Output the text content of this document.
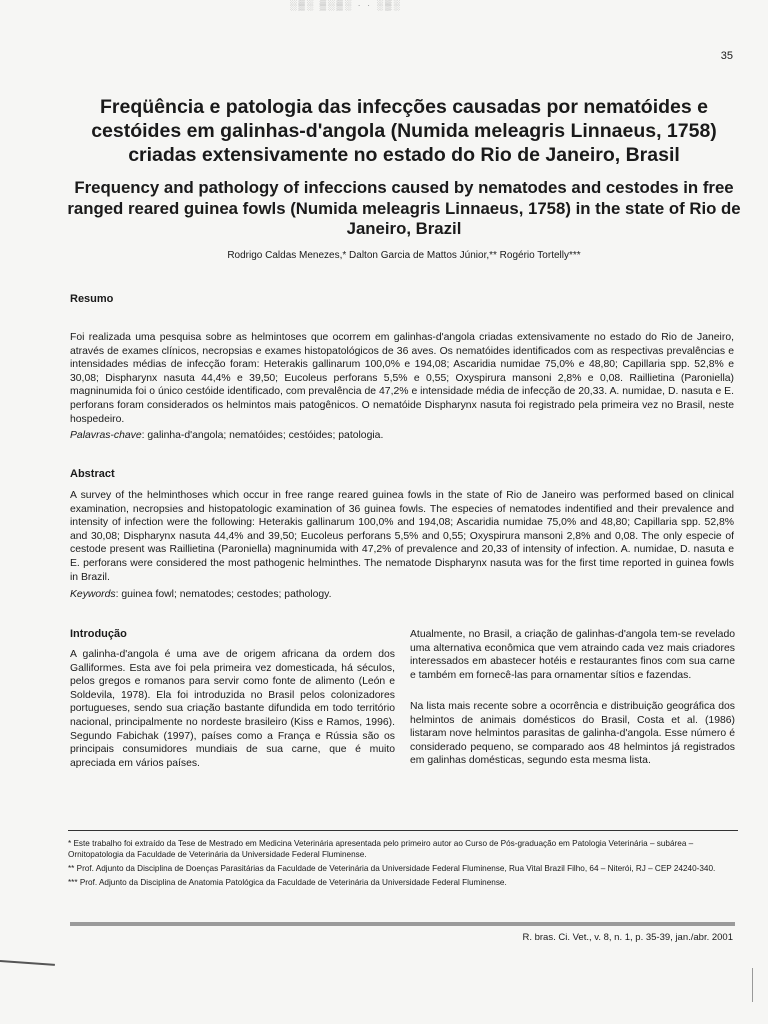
░▒░ ▒░▒░ · · ░▒░
35
Freqüência e patologia das infecções causadas por nematóides e cestóides em galinhas-d'angola (Numida meleagris Linnaeus, 1758) criadas extensivamente no estado do Rio de Janeiro, Brasil
Frequency and pathology of infeccions caused by nematodes and cestodes in free ranged reared guinea fowls (Numida meleagris Linnaeus, 1758) in the state of Rio de Janeiro, Brazil
Rodrigo Caldas Menezes,* Dalton Garcia de Mattos Júnior,** Rogério Tortelly***
Resumo

Foi realizada uma pesquisa sobre as helmintoses que ocorrem em galinhas-d'angola criadas extensivamente no estado do Rio de Janeiro, através de exames clínicos, necropsias e exames histopatológicos de 36 aves. Os nematóides identificados com as respectivas prevalências e intensidades médias de infecção foram: Heterakis gallinarum 100,0% e 194,08; Ascaridia numidae 75,0% e 48,80; Capillaria spp. 52,8% e 30,08; Dispharynx nasuta 44,4% e 39,50; Eucoleus perforans 5,5% e 0,55; Oxyspirura mansoni 2,8% e 0,08. Raillietina (Paroniella) magninumida foi o único cestóide identificado, com prevalência de 47,2% e intensidade média de infecção de 20,33. A. numidae, D. nasuta e E. perforans foram considerados os helmintos mais patogênicos. O nematóide Dispharynx nasuta foi registrado pela primeira vez no Brasil, neste hospedeiro.

Palavras-chave: galinha-d'angola; nematóides; cestóides; patologia.
Abstract

A survey of the helminthoses which occur in free range reared guinea fowls in the state of Rio de Janeiro was performed based on clinical examination, necropsies and histopatologic examination of 36 guinea fowls. The especies of nematodes indentified and their prevalence and intensity of infection were the following: Heterakis gallinarum 100,0% and 194,08; Ascaridia numidae 75,0% and 48,80; Capillaria spp. 52,8% and 30,08; Dispharynx nasuta 44,4% and 39,50; Eucoleus perforans 5,5% and 0,55; Oxyspirura mansoni 2,8% and 0,08. The only especie of cestode present was Raillietina (Paroniella) magninumida with 47,2% of prevalence and 20,33 of intensity of infection. A. numidae, D. nasuta e E. perforans were considered the most pathogenic helminthes. The nematode Dispharynx nasuta was for the first time reported in guinea fowls in Brazil.

Keywords: guinea fowl; nematodes; cestodes; pathology.
Introdução

A galinha-d'angola é uma ave de origem africana da ordem dos Galliformes. Esta ave foi pela primeira vez domesticada, há séculos, pelos gregos e romanos para servir como fonte de alimento (León e Soldevila, 1978). Ela foi introduzida no Brasil pelos colonizadores portugueses, sendo sua criação bastante difundida em todo território nacional, principalmente no nordeste brasileiro (Kiss e Ramos, 1996). Segundo Fabichak (1997), países como a França e Rússia são os principais consumidores mundiais de sua carne, que é muito apreciada em vários países.

Atualmente, no Brasil, a criação de galinhas-d'angola tem-se revelado uma alternativa econômica que vem atraindo cada vez mais criadores interessados em abastecer hotéis e restaurantes finos com sua carne e também em fornecê-las para ornamentar sítios e fazendas.

Na lista mais recente sobre a ocorrência e distribuição geográfica dos helmintos de animais domésticos do Brasil, Costa et al. (1986) listaram nove helmintos parasitas de galinha-d'angola. Esse número é considerado pequeno, se comparado aos 48 helmintos já registrados em galinhas domésticas, segundo esta mesma lista.

* Este trabalho foi extraído da Tese de Mestrado em Medicina Veterinária apresentada pelo primeiro autor ao Curso de Pós-graduação em Patologia Veterinária – subárea – Ornitopatologia da Faculdade de Veterinária da Universidade Federal Fluminense.

** Prof. Adjunto da Disciplina de Doenças Parasitárias da Faculdade de Veterinária da Universidade Federal Fluminense, Rua Vital Brazil Filho, 64 – Niterói, RJ – CEP 24240-340.

*** Prof. Adjunto da Disciplina de Anatomia Patológica da Faculdade de Veterinária da Universidade Federal Fluminense.

R. bras. Ci. Vet., v. 8, n. 1, p. 35-39, jan./abr. 2001
